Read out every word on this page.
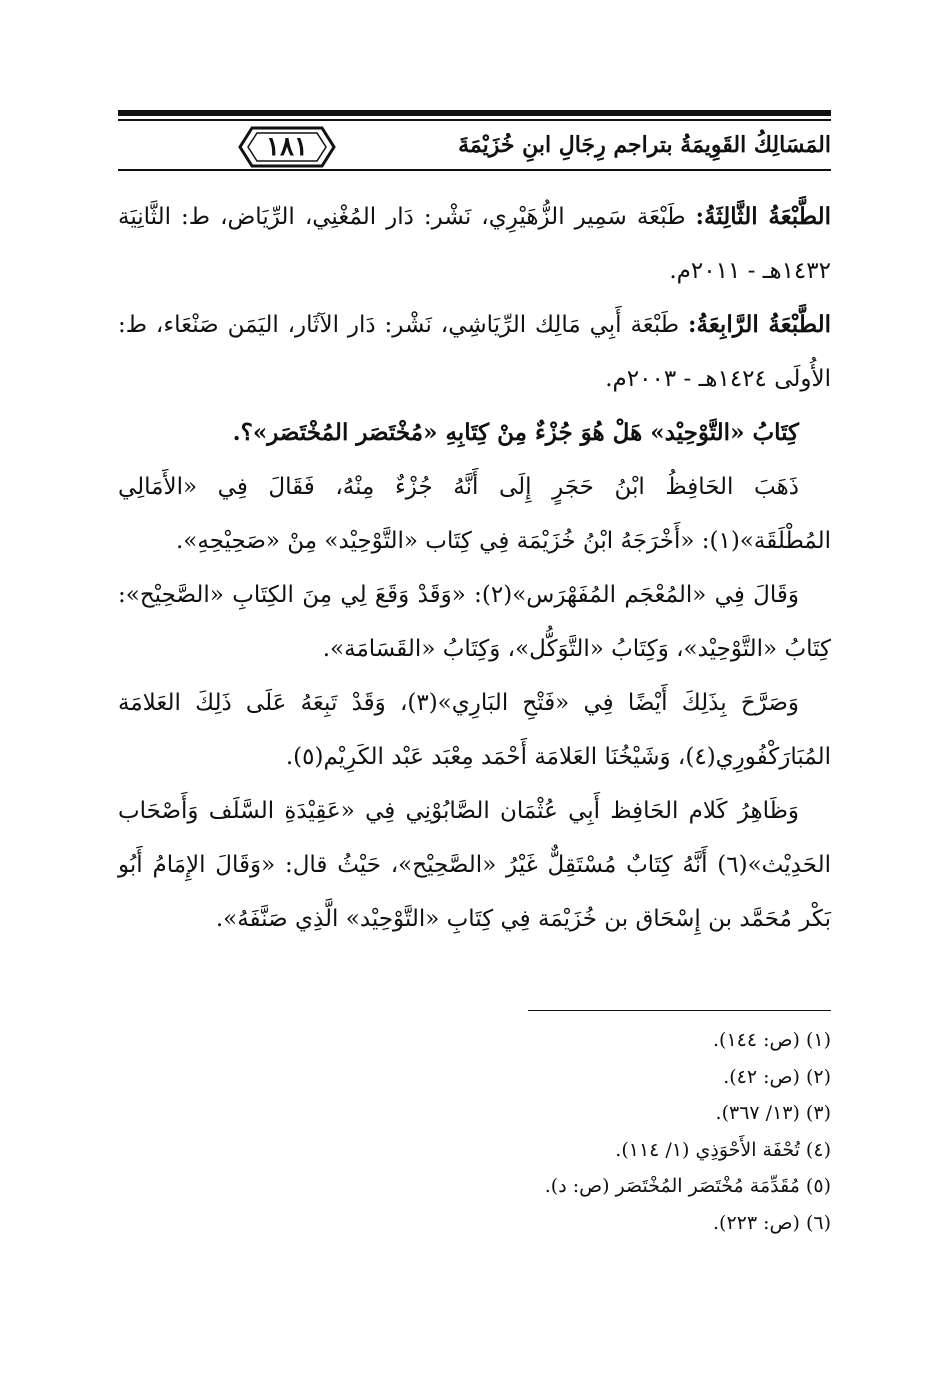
١٨١	المَسَالِكُ القَوِيمَةُ بتراجم رِجَالِ ابنِ خُزَيْمَةَ

الطَّبْعَةُ الثَّالِثَةُ: طَبْعَة سَمِير الزُّهَيْرِي، نَشْر: دَار المُغْنِي، الرِّيَاض، ط: الثَّانِيَة ١٤٣٢هـ - ٢٠١١م.

الطَّبْعَةُ الرَّابِعَةُ: طَبْعَة أَبِي مَالِك الرِّيَاشِي، نَشْر: دَار الآثَار، اليَمَن صَنْعَاء، ط: الأُولَى ١٤٢٤هـ - ٢٠٠٣م.

كِتَابُ «التَّوْحِيْد» هَلْ هُوَ جُزْءٌ مِنْ كِتَابِهِ «مُخْتَصَر المُخْتَصَر»؟.

ذَهَبَ الحَافِظُ ابْنُ حَجَرٍ إِلَى أَنَّهُ جُزْءٌ مِنْهُ، فَقَالَ فِي «الأَمَالِي المُطْلَقَة»(١): «أَخْرَجَهُ ابْنُ خُزَيْمَة فِي كِتَاب «التَّوْحِيْد» مِنْ «صَحِيْحِهِ».

وَقَالَ فِي «المُعْجَم المُفَهْرَس»(٢): «وَقَدْ وَقَعَ لِي مِنَ الكِتَابِ «الصَّحِيْح»: كِتَابُ «التَّوْحِيْد»، وَكِتَابُ «التَّوَكُّل»، وَكِتَابُ «القَسَامَة».

وَصَرَّحَ بِذَلِكَ أَيْضًا فِي «فَتْحِ البَارِي»(٣)، وَقَدْ تَبِعَهُ عَلَى ذَلِكَ العَلامَة المُبَارَكْفُورِي(٤)، وَشَيْخُنَا العَلامَة أَحْمَد مِعْبَد عَبْد الكَرِيْم(٥).

وَظَاهِرُ كَلام الحَافِظ أَبِي عُثْمَان الصَّابُوْنِي فِي «عَقِيْدَةِ السَّلَف وَأَصْحَاب الحَدِيْث»(٦) أَنَّهُ كِتَابٌ مُسْتَقِلٌّ غَيْرُ «الصَّحِيْح»، حَيْثُ قال: «وَقَالَ الإِمَامُ أَبُو بَكْر مُحَمَّد بن إِسْحَاق بن خُزَيْمَة فِي كِتَابِ «التَّوْحِيْد» الَّذِي صَنَّفَهُ».

(١) (ص: ١٤٤).
(٢) (ص: ٤٢).
(٣) (١٣/ ٣٦٧).
(٤) تُحْفَة الأَحْوَذِي (١/ ١١٤).
(٥) مُقَدِّمَة مُخْتَصَر المُخْتَصَر (ص: د).
(٦) (ص: ٢٢٣).
